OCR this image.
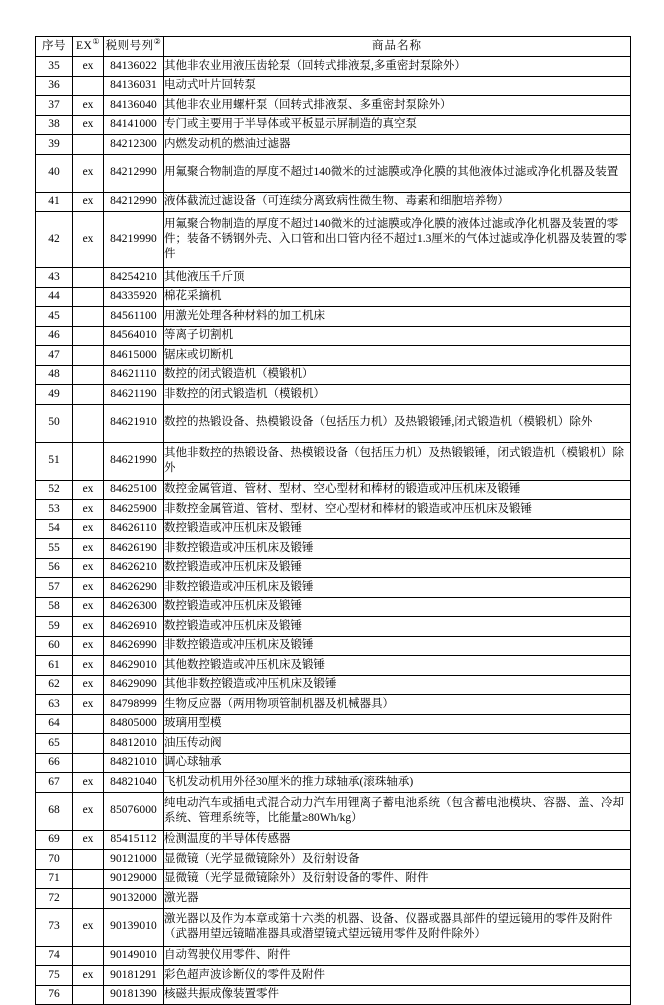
序号	EX①	税则号列②	商品名称
35	ex	84136022	其他非农业用液压齿轮泵（回转式排液泵,多重密封泵除外）
36		84136031	电动式叶片回转泵
37	ex	84136040	其他非农业用螺杆泵（回转式排液泵、多重密封泵除外）
38	ex	84141000	专门或主要用于半导体或平板显示屏制造的真空泵
39		84212300	内燃发动机的燃油过滤器
40	ex	84212990	用氟聚合物制造的厚度不超过140微米的过滤膜或净化膜的其他液体过滤或净化机器及装置
41	ex	84212990	液体截流过滤设备（可连续分离致病性微生物、毒素和细胞培养物）
42	ex	84219990	用氟聚合物制造的厚度不超过140微米的过滤膜或净化膜的液体过滤或净化机器及装置的零件；装备不锈钢外壳、入口管和出口管内径不超过1.3厘米的气体过滤或净化机器及装置的零件
43		84254210	其他液压千斤顶
44		84335920	棉花采摘机
45		84561100	用激光处理各种材料的加工机床
46		84564010	等离子切割机
47		84615000	锯床或切断机
48		84621110	数控的闭式锻造机（模锻机）
49		84621190	非数控的闭式锻造机（模锻机）
50		84621910	数控的热锻设备、热模锻设备（包括压力机）及热锻锻锤,闭式锻造机（模锻机）除外
51		84621990	其他非数控的热锻设备、热模锻设备（包括压力机）及热锻锻锤，闭式锻造机（模锻机）除外
52	ex	84625100	数控金属管道、管材、型材、空心型材和棒材的锻造或冲压机床及锻锤
53	ex	84625900	非数控金属管道、管材、型材、空心型材和棒材的锻造或冲压机床及锻锤
54	ex	84626110	数控锻造或冲压机床及锻锤
55	ex	84626190	非数控锻造或冲压机床及锻锤
56	ex	84626210	数控锻造或冲压机床及锻锤
57	ex	84626290	非数控锻造或冲压机床及锻锤
58	ex	84626300	数控锻造或冲压机床及锻锤
59	ex	84626910	数控锻造或冲压机床及锻锤
60	ex	84626990	非数控锻造或冲压机床及锻锤
61	ex	84629010	其他数控锻造或冲压机床及锻锤
62	ex	84629090	其他非数控锻造或冲压机床及锻锤
63	ex	84798999	生物反应器（两用物项管制机器及机械器具）
64		84805000	玻璃用型模
65		84812010	油压传动阀
66		84821010	调心球轴承
67	ex	84821040	飞机发动机用外径30厘米的推力球轴承(滚珠轴承)
68	ex	85076000	纯电动汽车或插电式混合动力汽车用锂离子蓄电池系统（包含蓄电池模块、容器、盖、冷却系统、管理系统等，比能量≥80Wh/kg）
69	ex	85415112	检测温度的半导体传感器
70		90121000	显微镜（光学显微镜除外）及衍射设备
71		90129000	显微镜（光学显微镜除外）及衍射设备的零件、附件
72		90132000	激光器
73	ex	90139010	激光器以及作为本章或第十六类的机器、设备、仪器或器具部件的望远镜用的零件及附件（武器用望远镜瞄准器具或潜望镜式望远镜用零件及附件除外）
74		90149010	自动驾驶仪用零件、附件
75	ex	90181291	彩色超声波诊断仪的零件及附件
76		90181390	核磁共振成像装置零件
